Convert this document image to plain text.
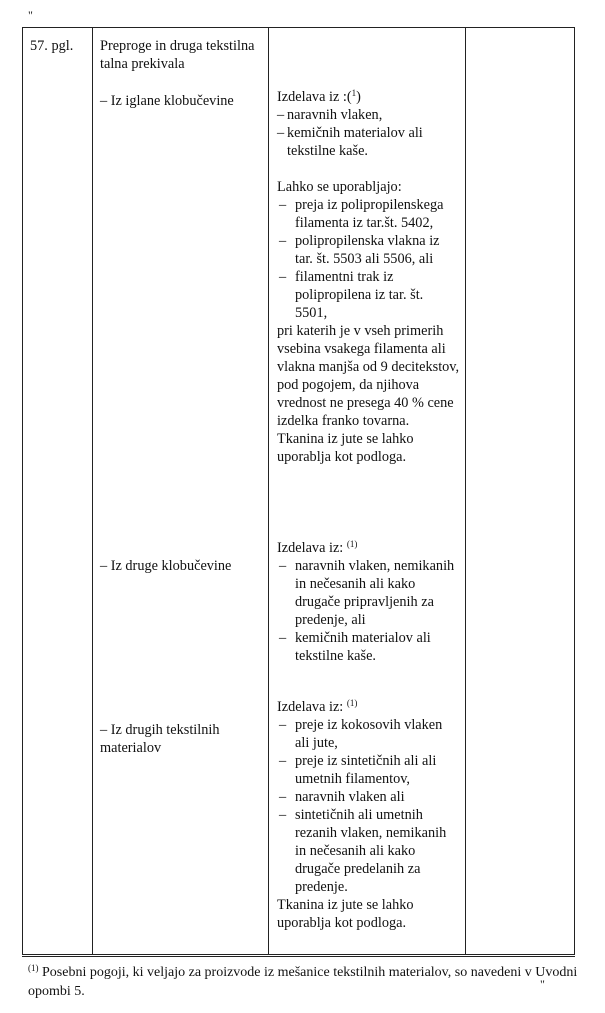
"
57. pgl. Preproge in druga tekstilna talna prekivala
– Iz iglane klobučevine	Izdelava iz :($^1$)
– naravnih vlaken,
– kemičnih materialov ali tekstilne kaše.
Lahko se uporabljajo:
– preja iz polipropilenskega filamenta iz tar.št. 5402,
– polipropilenska vlakna iz tar. št. 5503 ali 5506, ali
– filamentni trak iz polipropilena iz tar. št. 5501,
pri katerih je v vseh primerih vsebina vsakega filamenta ali vlakna manjša od 9 decitekstov, pod pogojem, da njihova vrednost ne presega 40 % cene izdelka franko tovarna.
Tkanina iz jute se lahko uporablja kot podloga.
– Iz druge klobučevine
Izdelava iz: $^{(1)}$
– naravnih vlaken, nemikanih in nečesanih ali kako drugače pripravljenih za predenje, ali
– kemičnih materialov ali tekstilne kaše.
– Iz drugih tekstilnih materialov
Izdelava iz: $^{(1)}$
– preje iz kokosovih vlaken ali jute,
– preje iz sintetičnih ali ali umetnih filamentov,
– naravnih vlaken ali
– sintetičnih ali umetnih rezanih vlaken, nemikanih in nečesanih ali kako drugače predelanih za predenje.
Tkanina iz jute se lahko uporablja kot podloga.
$^{(1)}$ Posebni pogoji, ki veljajo za proizvode iz mešanice tekstilnih materialov, so navedeni v Uvodni opombi 5.	"
